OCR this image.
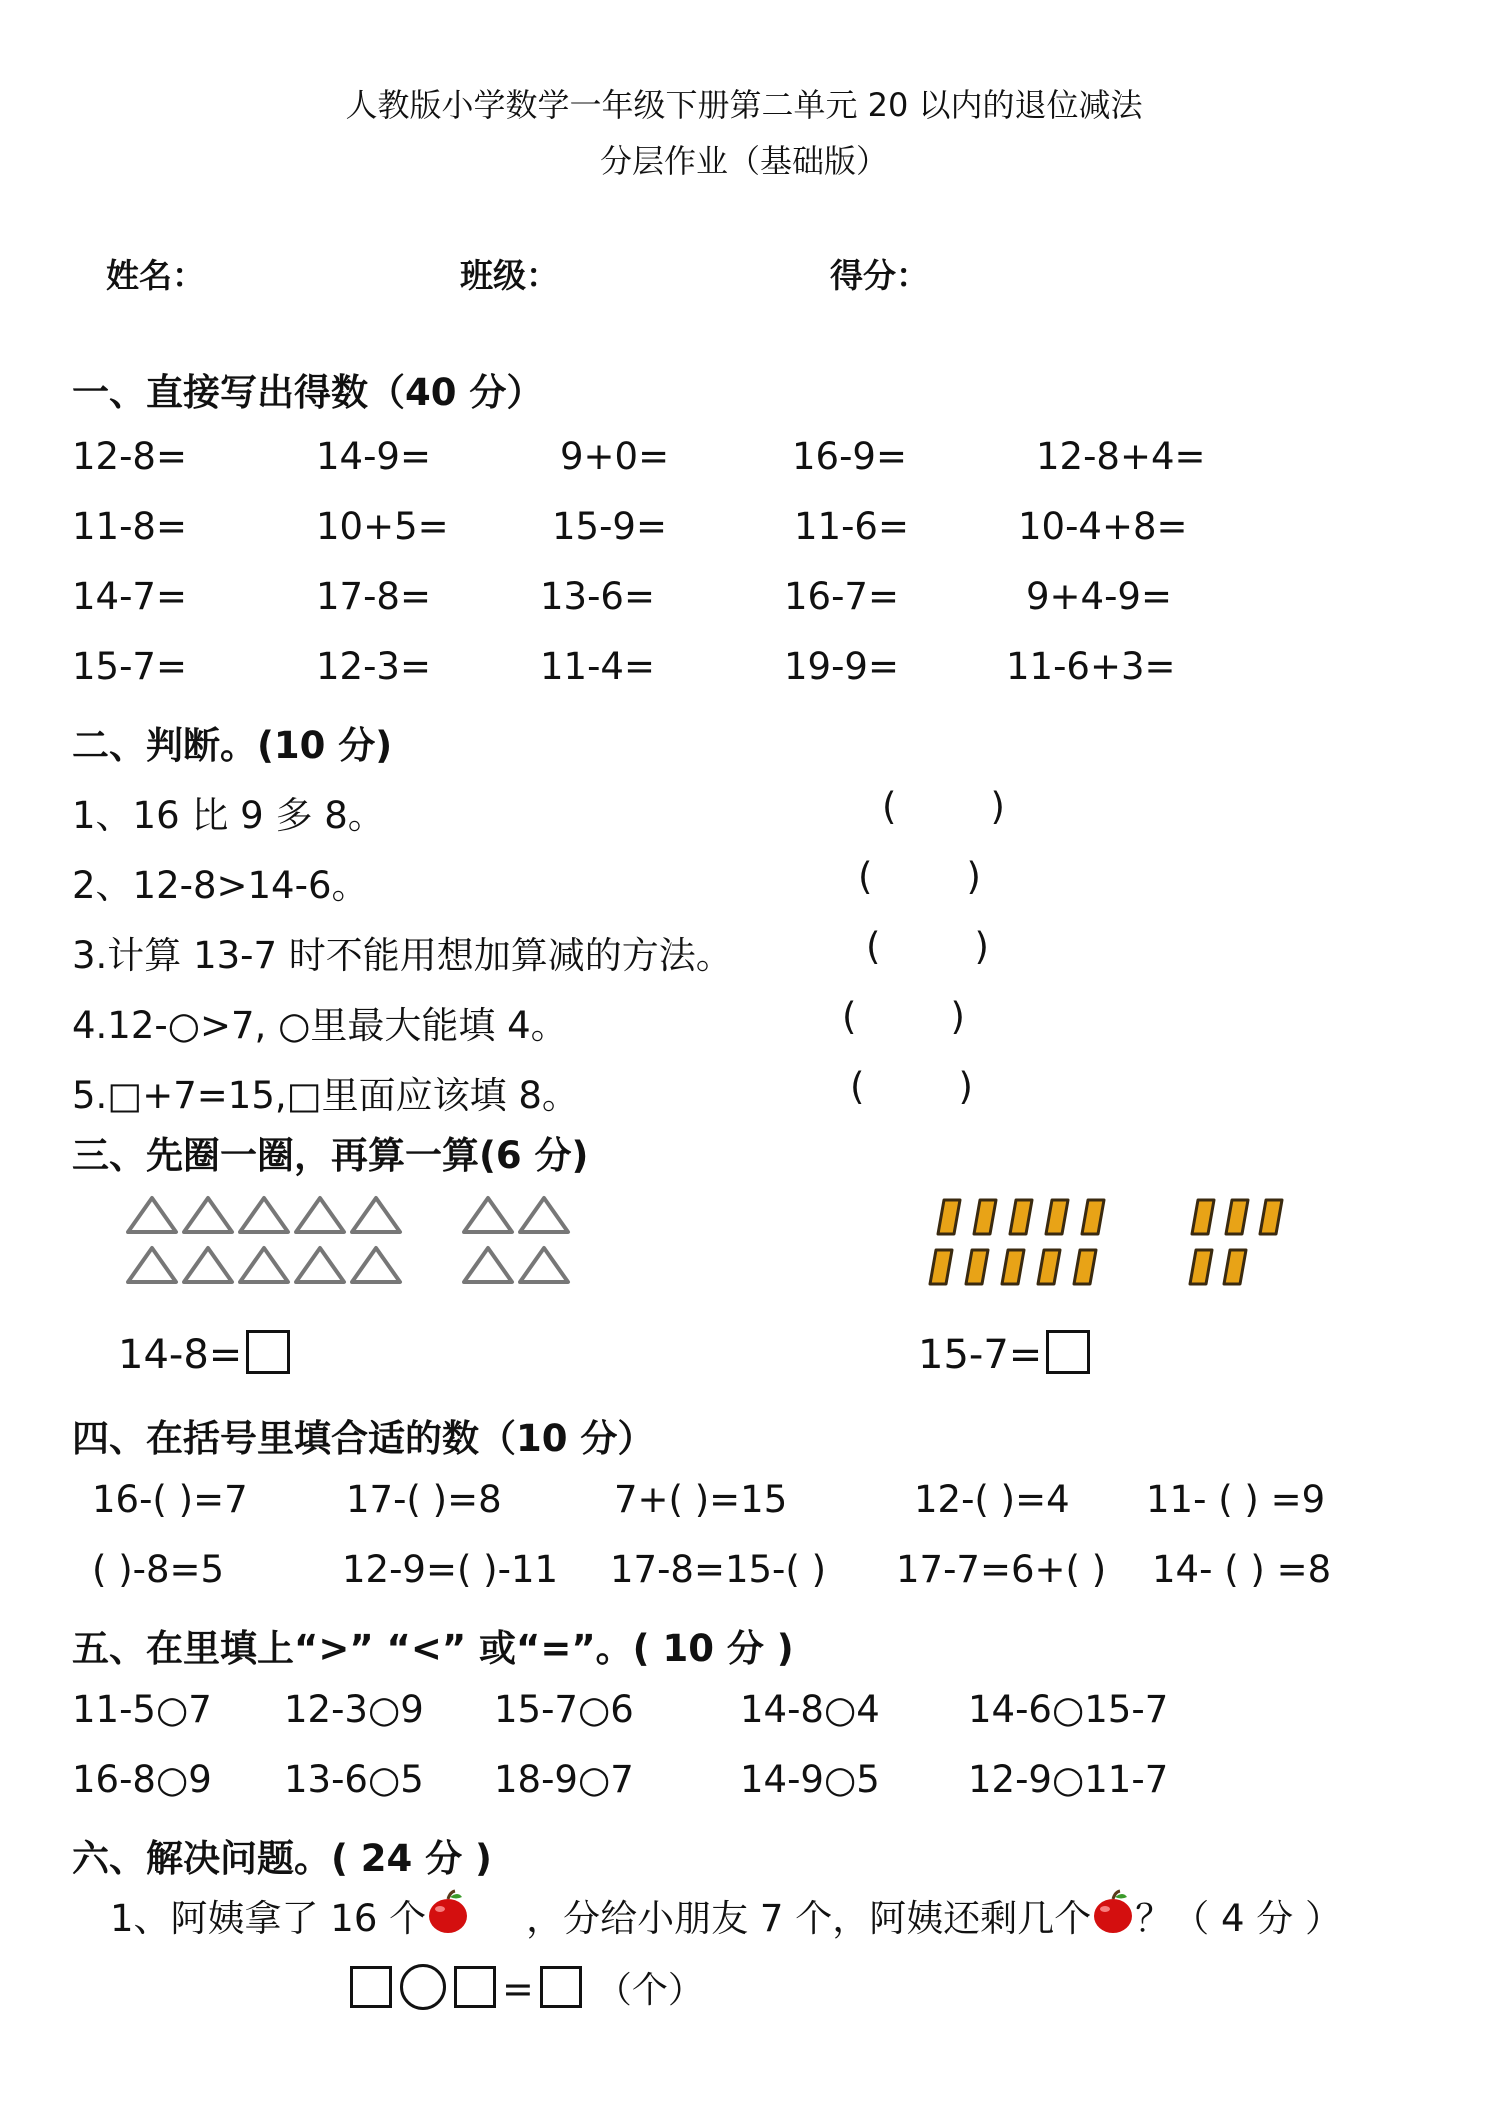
人教版小学数学一年级下册第二单元 20 以内的退位减法
分层作业（基础版）
姓名：	班级：	得分：
一、直接写出得数（40 分）
12-8=	14-9=	9+0=	16-9=	12-8+4=
11-8=	10+5=	15-9=	11-6=	10-4+8=
14-7=	17-8=	13-6=	16-7=	9+4-9=
15-7=	12-3=	11-4=	19-9=	11-6+3=
二、判断。(10 分)
1、16 比 9 多 8。	(        )
2、12-8>14-6。	(        )
3.计算 13-7 时不能用想加算减的方法。	(        )
4.12-○>7, ○里最大能填 4。	(        )
5.□+7=15,□里面应该填 8。	(        )
三、先圈一圈，再算一算(6 分)
14-8=	15-7=
四、在括号里填合适的数（10 分）
16-( )=7	17-( )=8	7+( )=15	12-( )=4 11- ( ) =9
( )-8=5	12-9=( )-11 17-8=15-( ) 17-7=6+( ) 14- ( ) =8
五、在里填上“>” “<” 或“=”。( 10 分 )
11-5○7 12-3○9 15-7○6	14-8○4 14-6○15-7
16-8○9 13-6○5 18-9○7	14-9○5 12-9○11-7
六、解决问题。( 24 分 )
1、阿姨拿了 16 个	，分给小朋友 7 个，阿姨还剩几个 ？（ 4 分 ）
= （个）
